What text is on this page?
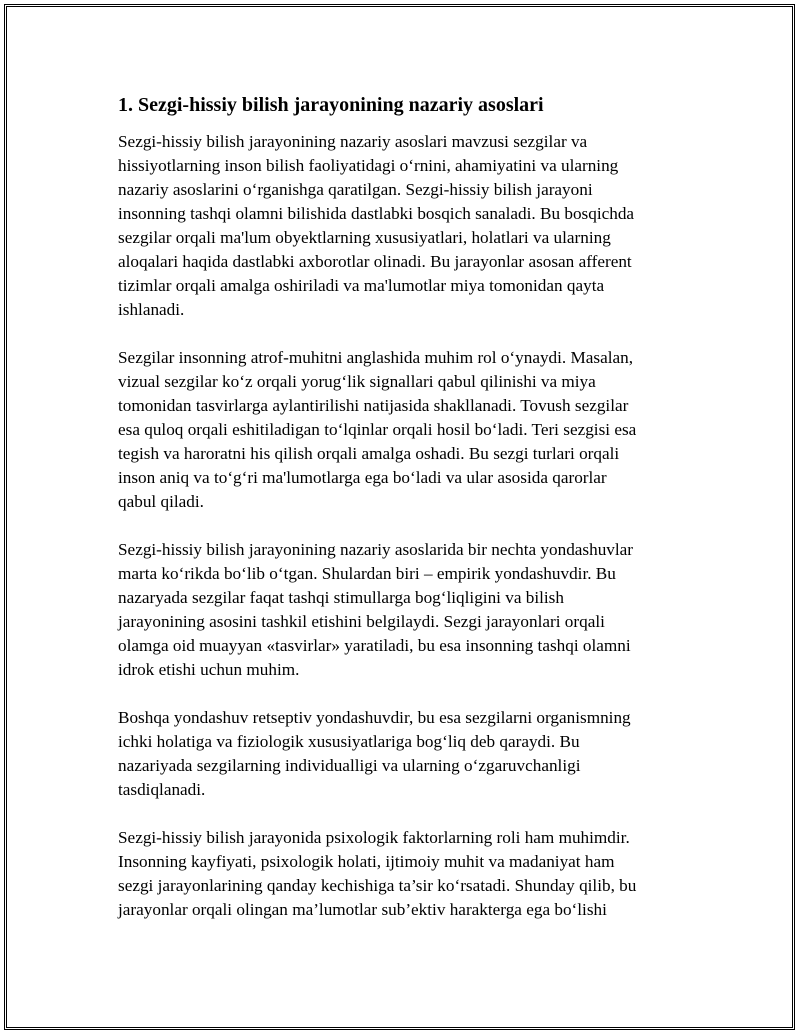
1. Sezgi-hissiy bilish jarayonining nazariy asoslari

Sezgi-hissiy bilish jarayonining nazariy asoslari mavzusi sezgilar va
hissiyotlarning inson bilish faoliyatidagi o‘rnini, ahamiyatini va ularning
nazariy asoslarini o‘rganishga qaratilgan. Sezgi-hissiy bilish jarayoni
insonning tashqi olamni bilishida dastlabki bosqich sanaladi. Bu bosqichda
sezgilar orqali ma'lum obyektlarning xususiyatlari, holatlari va ularning
aloqalari haqida dastlabki axborotlar olinadi. Bu jarayonlar asosan afferent
tizimlar orqali amalga oshiriladi va ma'lumotlar miya tomonidan qayta
ishlanadi.

Sezgilar insonning atrof-muhitni anglashida muhim rol o‘ynaydi. Masalan,
vizual sezgilar ko‘z orqali yorug‘lik signallari qabul qilinishi va miya
tomonidan tasvirlarga aylantirilishi natijasida shakllanadi. Tovush sezgilar
esa quloq orqali eshitiladigan to‘lqinlar orqali hosil bo‘ladi. Teri sezgisi esa
tegish va haroratni his qilish orqali amalga oshadi. Bu sezgi turlari orqali
inson aniq va to‘g‘ri ma'lumotlarga ega bo‘ladi va ular asosida qarorlar
qabul qiladi.

Sezgi-hissiy bilish jarayonining nazariy asoslarida bir nechta yondashuvlar
marta ko‘rikda bo‘lib o‘tgan. Shulardan biri – empirik yondashuvdir. Bu
nazaryada sezgilar faqat tashqi stimullarga bog‘liqligini va bilish
jarayonining asosini tashkil etishini belgilaydi. Sezgi jarayonlari orqali
olamga oid muayyan «tasvirlar» yaratiladi, bu esa insonning tashqi olamni
idrok etishi uchun muhim.

Boshqa yondashuv retseptiv yondashuvdir, bu esa sezgilarni organismning
ichki holatiga va fiziologik xususiyatlariga bog‘liq deb qaraydi. Bu
nazariyada sezgilarning individualligi va ularning o‘zgaruvchanligi
tasdiqlanadi.

Sezgi-hissiy bilish jarayonida psixologik faktorlarning roli ham muhimdir.
Insonning kayfiyati, psixologik holati, ijtimoiy muhit va madaniyat ham
sezgi jarayonlarining qanday kechishiga ta’sir ko‘rsatadi. Shunday qilib, bu
jarayonlar orqali olingan ma’lumotlar sub’ektiv harakterga ega bo‘lishi
